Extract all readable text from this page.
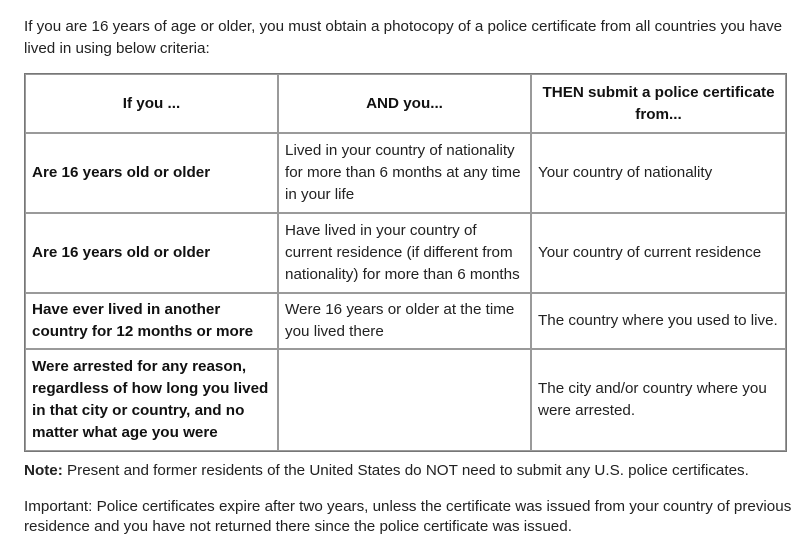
If you are 16 years of age or older, you must obtain a photocopy of a police certificate from all countries you have lived in using below criteria:

If you ...	AND you...	THEN submit a police certificate from...
Are 16 years old or older	Lived in your country of nationality for more than 6 months at any time in your life	Your country of nationality
Are 16 years old or older	Have lived in your country of current residence (if different from nationality) for more than 6 months	Your country of current residence
Have ever lived in another country for 12 months or more	Were 16 years or older at the time you lived there	The country where you used to live.
Were arrested for any reason, regardless of how long you lived in that city or country, and no matter what age you were		The city and/or country where you were arrested.

Note: Present and former residents of the United States do NOT need to submit any U.S. police certificates.

Important: Police certificates expire after two years, unless the certificate was issued from your country of previous residence and you have not returned there since the police certificate was issued.
